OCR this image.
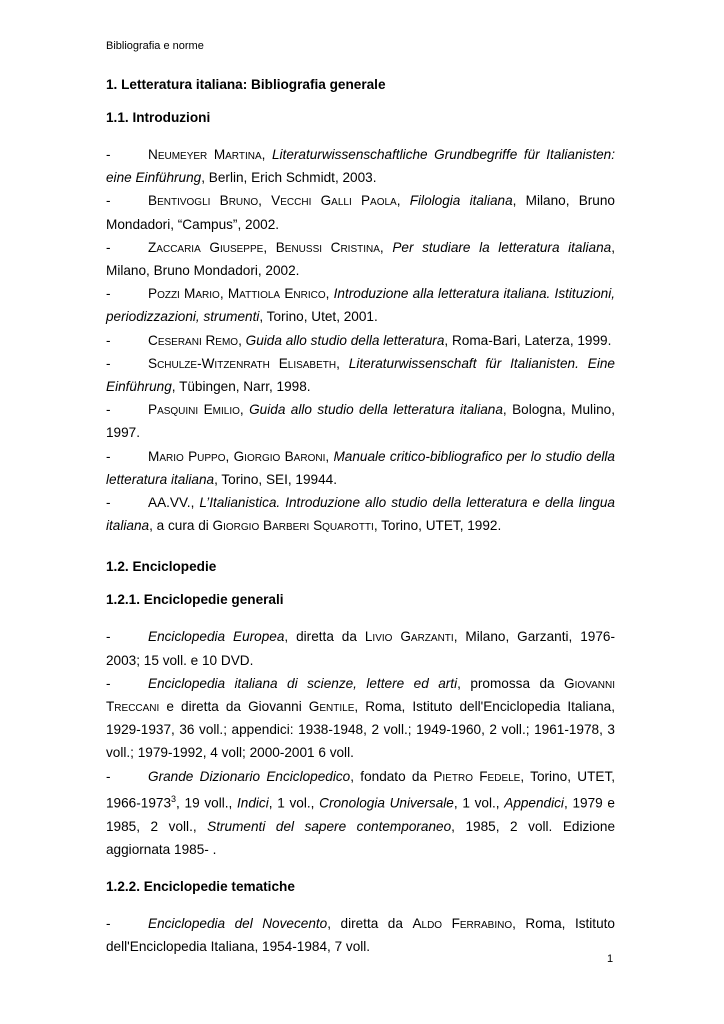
Bibliografia e norme
1. Letteratura italiana: Bibliografia generale
1.1. Introduzioni

-	Neumeyer Martina, Literaturwissenschaftliche Grundbegriffe für Italianisten: eine Einführung, Berlin, Erich Schmidt, 2003.

-	Bentivogli Bruno, Vecchi Galli Paola, Filologia italiana, Milano, Bruno Mondadori, “Campus”, 2002.

-	Zaccaria Giuseppe, Benussi Cristina, Per studiare la letteratura italiana, Milano, Bruno Mondadori, 2002.

-	Pozzi Mario, Mattiola Enrico, Introduzione alla letteratura italiana. Istituzioni, periodizzazioni, strumenti, Torino, Utet, 2001.

-	Ceserani Remo, Guida allo studio della letteratura, Roma-Bari, Laterza, 1999.

-	Schulze-Witzenrath Elisabeth, Literaturwissenschaft für Italianisten. Eine Einführung, Tübingen, Narr, 1998.

-	Pasquini Emilio, Guida allo studio della letteratura italiana, Bologna, Mulino, 1997.

-	Mario Puppo, Giorgio Baroni, Manuale critico-bibliografico per lo studio della letteratura italiana, Torino, SEI, 19944.

-	AA.VV., L’Italianistica. Introduzione allo studio della letteratura e della lingua italiana, a cura di Giorgio Barberi Squarotti, Torino, UTET, 1992.

1.2. Enciclopedie
1.2.1. Enciclopedie generali

-	Enciclopedia Europea, diretta da Livio Garzanti, Milano, Garzanti, 1976-2003; 15 voll. e 10 DVD.

-	Enciclopedia italiana di scienze, lettere ed arti, promossa da Giovanni Treccani e diretta da Giovanni Gentile, Roma, Istituto dell'Enciclopedia Italiana, 1929-1937, 36 voll.; appendici: 1938-1948, 2 voll.; 1949-1960, 2 voll.; 1961-1978, 3 voll.; 1979-1992, 4 voll; 2000-2001 6 voll.

-	Grande Dizionario Enciclopedico, fondato da Pietro Fedele, Torino, UTET, 1966-1973$^3$, 19 voll., Indici, 1 vol., Cronologia Universale, 1 vol., Appendici, 1979 e 1985, 2 voll., Strumenti del sapere contemporaneo, 1985, 2 voll. Edizione aggiornata 1985- .

1.2.2. Enciclopedie tematiche

-	Enciclopedia del Novecento, diretta da Aldo Ferrabino, Roma, Istituto dell'Enciclopedia Italiana, 1954-1984, 7 voll.

1
